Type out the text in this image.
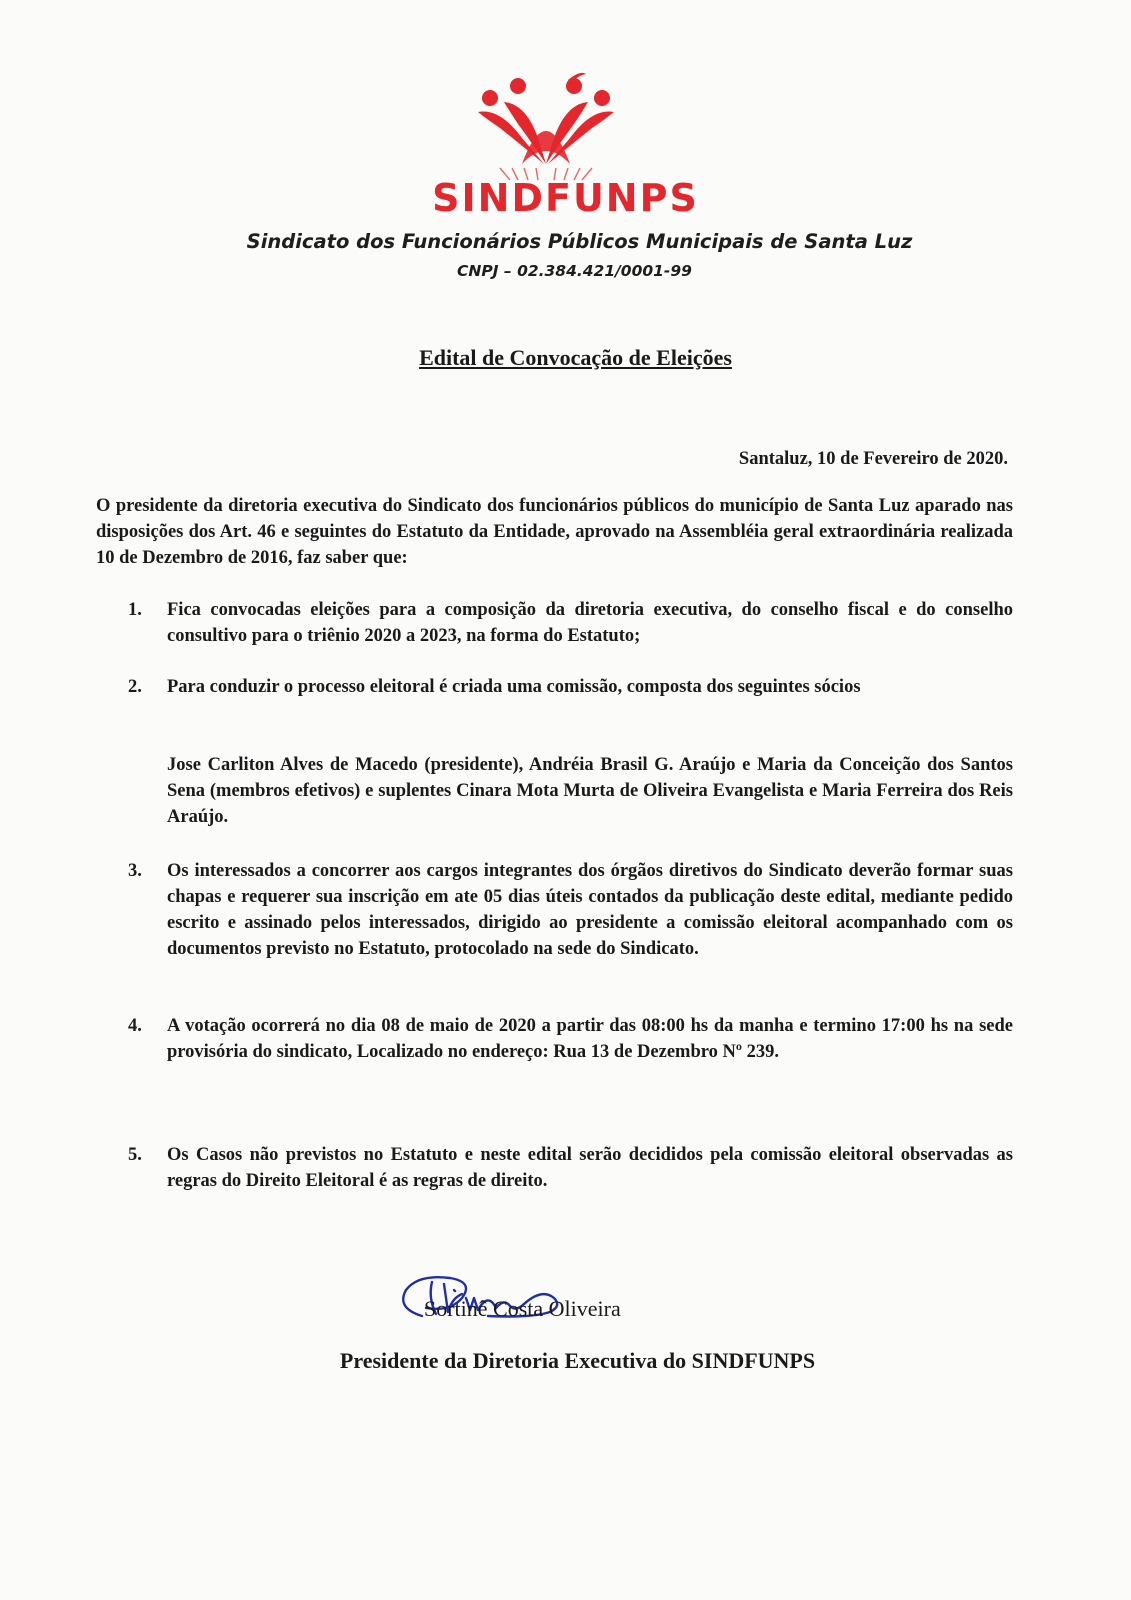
SINDFUNPS
Sindicato dos Funcionários Públicos Municipais de Santa Luz
CNPJ – 02.384.421/0001-99
Edital de Convocação de Eleições
Santaluz, 10 de Fevereiro de 2020.
O presidente da diretoria executiva do Sindicato dos funcionários públicos do município de Santa Luz aparado nas disposições dos Art. 46 e seguintes do Estatuto da Entidade, aprovado na Assembléia geral extraordinária realizada 10 de Dezembro de 2016, faz saber que:
1.	Fica convocadas eleições para a composição da diretoria executiva, do conselho fiscal e do conselho consultivo para o triênio 2020 a 2023, na forma do Estatuto;
2.	Para conduzir o processo eleitoral é criada uma comissão, composta dos seguintes sócios
Jose Carliton Alves de Macedo (presidente), Andréia Brasil G. Araújo e Maria da Conceição dos Santos Sena (membros efetivos) e suplentes Cinara Mota Murta de Oliveira Evangelista e Maria Ferreira dos Reis Araújo.
3.	Os interessados a concorrer aos cargos integrantes dos órgãos diretivos do Sindicato deverão formar suas chapas e requerer sua inscrição em ate 05 dias úteis contados da publicação deste edital, mediante pedido escrito e assinado pelos interessados, dirigido ao presidente a comissão eleitoral acompanhado com os documentos previsto no Estatuto, protocolado na sede do Sindicato.
4.	A votação ocorrerá no dia 08 de maio de 2020 a partir das 08:00 hs da manha e termino 17:00 hs na sede provisória do sindicato, Localizado no endereço: Rua 13 de Dezembro Nº 239.
5.	Os Casos não previstos no Estatuto e neste edital serão decididos pela comissão eleitoral observadas as regras do Direito Eleitoral é as regras de direito.
Sortinê Costa Oliveira
Presidente da Diretoria Executiva do SINDFUNPS
